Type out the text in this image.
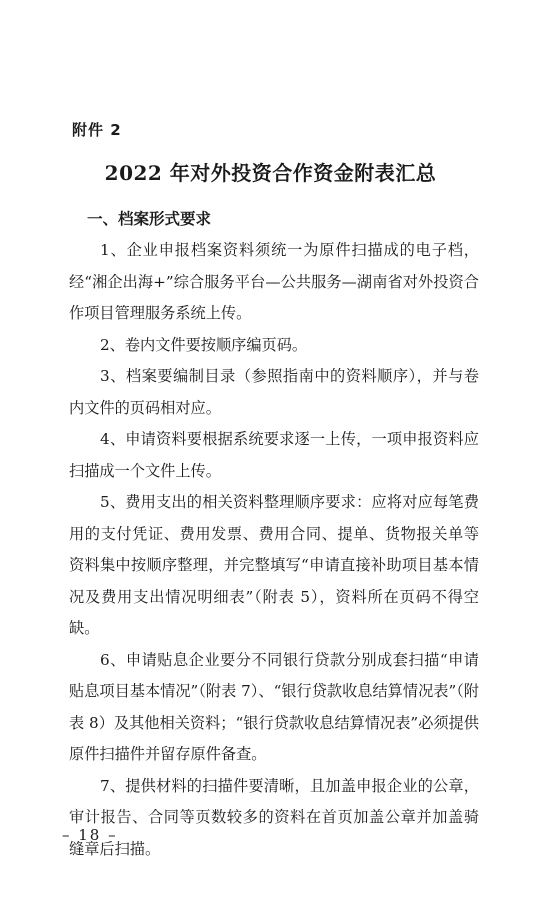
附件 2
2022 年对外投资合作资金附表汇总
一、档案形式要求

1、企业申报档案资料须统一为原件扫描成的电子档，经“湘企出海+”综合服务平台—公共服务—湖南省对外投资合作项目管理服务系统上传。

2、卷内文件要按顺序编页码。

3、档案要编制目录（参照指南中的资料顺序），并与卷内文件的页码相对应。

4、申请资料要根据系统要求逐一上传，一项申报资料应扫描成一个文件上传。

5、费用支出的相关资料整理顺序要求：应将对应每笔费用的支付凭证、费用发票、费用合同、提单、货物报关单等资料集中按顺序整理，并完整填写“申请直接补助项目基本情况及费用支出情况明细表”（附表 5），资料所在页码不得空缺。

6、申请贴息企业要分不同银行贷款分别成套扫描“申请贴息项目基本情况”（附表 7）、“银行贷款收息结算情况表”（附表 8）及其他相关资料；“银行贷款收息结算情况表”必须提供原件扫描件并留存原件备查。

7、提供材料的扫描件要清晰，且加盖申报企业的公章，审计报告、合同等页数较多的资料在首页加盖公章并加盖骑缝章后扫描。

– 18 –
